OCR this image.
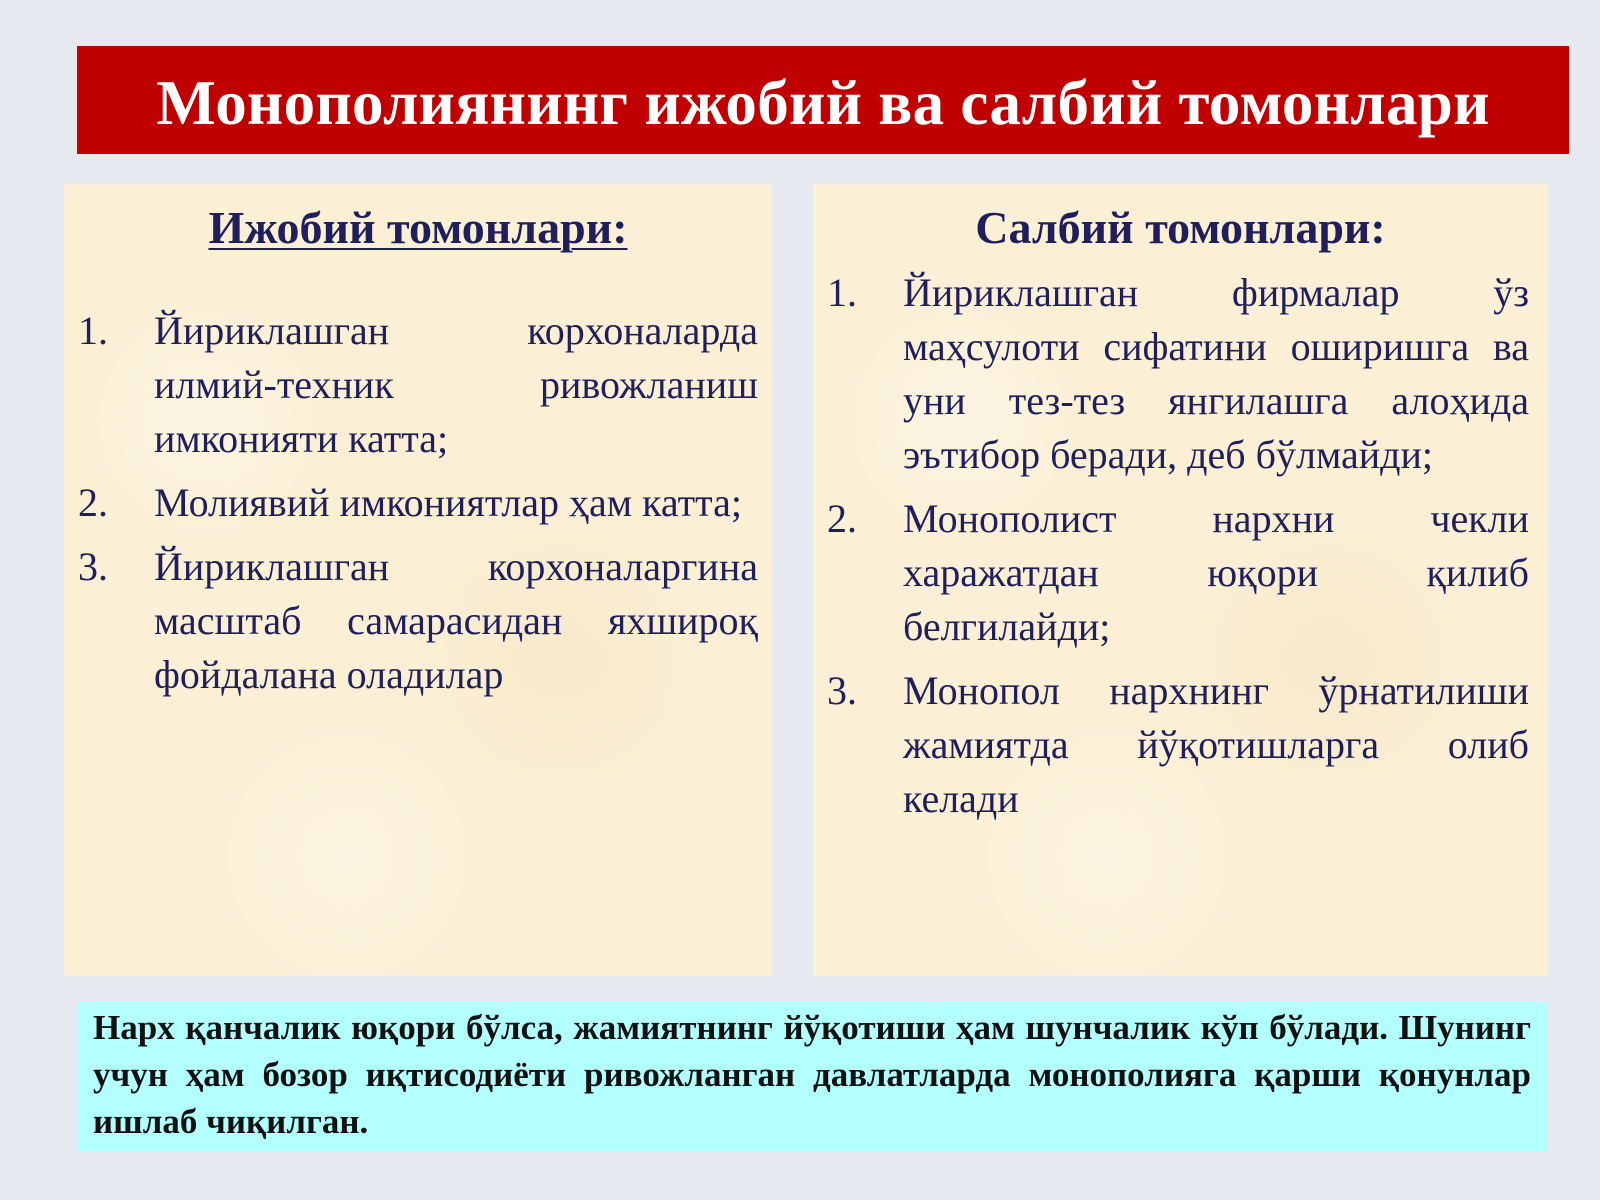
Монополиянинг ижобий ва салбий томонлари
Ижобий томонлари:
1. Йириклашган корхоналарда илмий-техник ривожланиш имконияти катта;
2. Молиявий имкониятлар ҳам катта;
3. Йириклашган корхоналаргина масштаб самарасидан яхшироқ фойдалана оладилар
Салбий томонлари:
1. Йириклашган фирмалар ўз маҳсулоти сифатини оширишга ва уни тез-тез янгилашга алоҳида эътибор беради, деб бўлмайди;
2. Монополист нархни чекли харажатдан юқори қилиб белгилайди;
3. Монопол нархнинг ўрнатилиши жамиятда йўқотишларга олиб келади

Нарх қанчалик юқори бўлса, жамиятнинг йўқотиши ҳам шунчалик кўп бўлади. Шунинг учун ҳам бозор иқтисодиёти ривожланган давлатларда монополияга қарши қонунлар ишлаб чиқилган.
